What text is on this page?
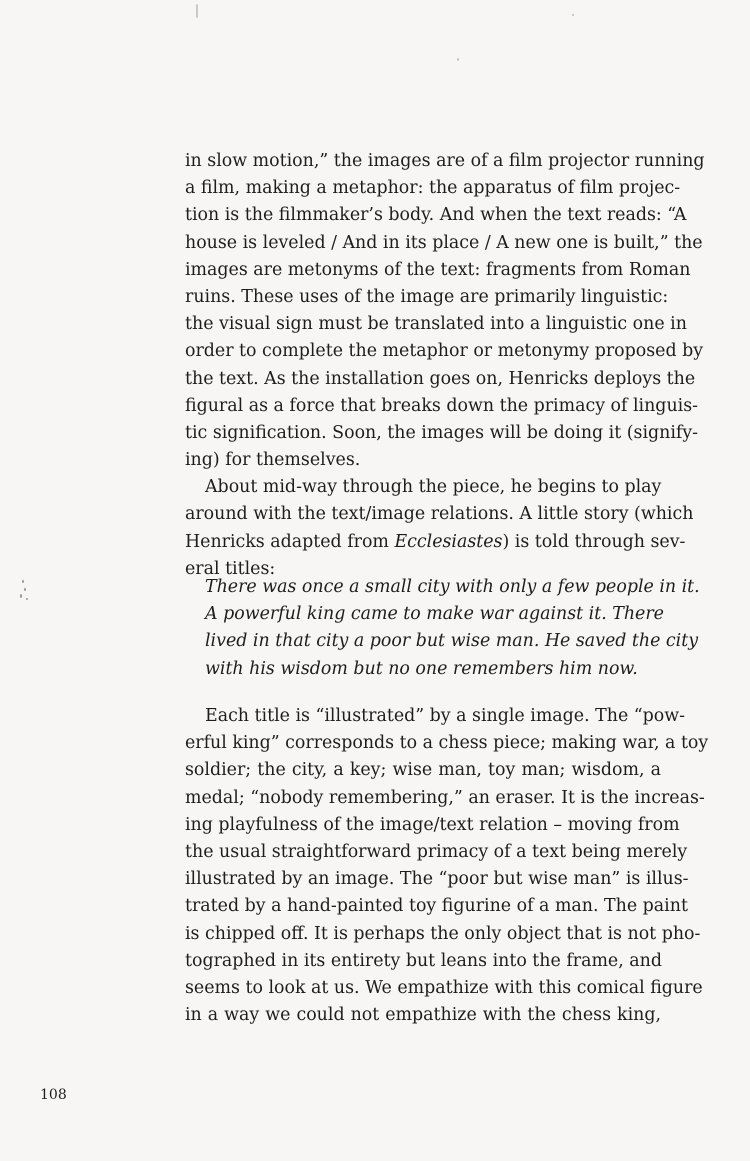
in slow motion,” the images are of a film projector running
a film, making a metaphor: the apparatus of film projec-
tion is the filmmaker’s body. And when the text reads: “A
house is leveled / And in its place / A new one is built,” the
images are metonyms of the text: fragments from Roman
ruins. These uses of the image are primarily linguistic:
the visual sign must be translated into a linguistic one in
order to complete the metaphor or metonymy proposed by
the text. As the installation goes on, Henricks deploys the
figural as a force that breaks down the primacy of linguis-
tic signification. Soon, the images will be doing it (signify-
ing) for themselves.
About mid-way through the piece, he begins to play
around with the text/image relations. A little story (which
Henricks adapted from Ecclesiastes) is told through sev-
eral titles:
There was once a small city with only a few people in it.
A powerful king came to make war against it. There
lived in that city a poor but wise man. He saved the city
with his wisdom but no one remembers him now.
Each title is “illustrated” by a single image. The “pow-
erful king” corresponds to a chess piece; making war, a toy
soldier; the city, a key; wise man, toy man; wisdom, a
medal; “nobody remembering,” an eraser. It is the increas-
ing playfulness of the image/text relation – moving from
the usual straightforward primacy of a text being merely
illustrated by an image. The “poor but wise man” is illus-
trated by a hand-painted toy figurine of a man. The paint
is chipped off. It is perhaps the only object that is not pho-
tographed in its entirety but leans into the frame, and
seems to look at us. We empathize with this comical figure
in a way we could not empathize with the chess king,
108
